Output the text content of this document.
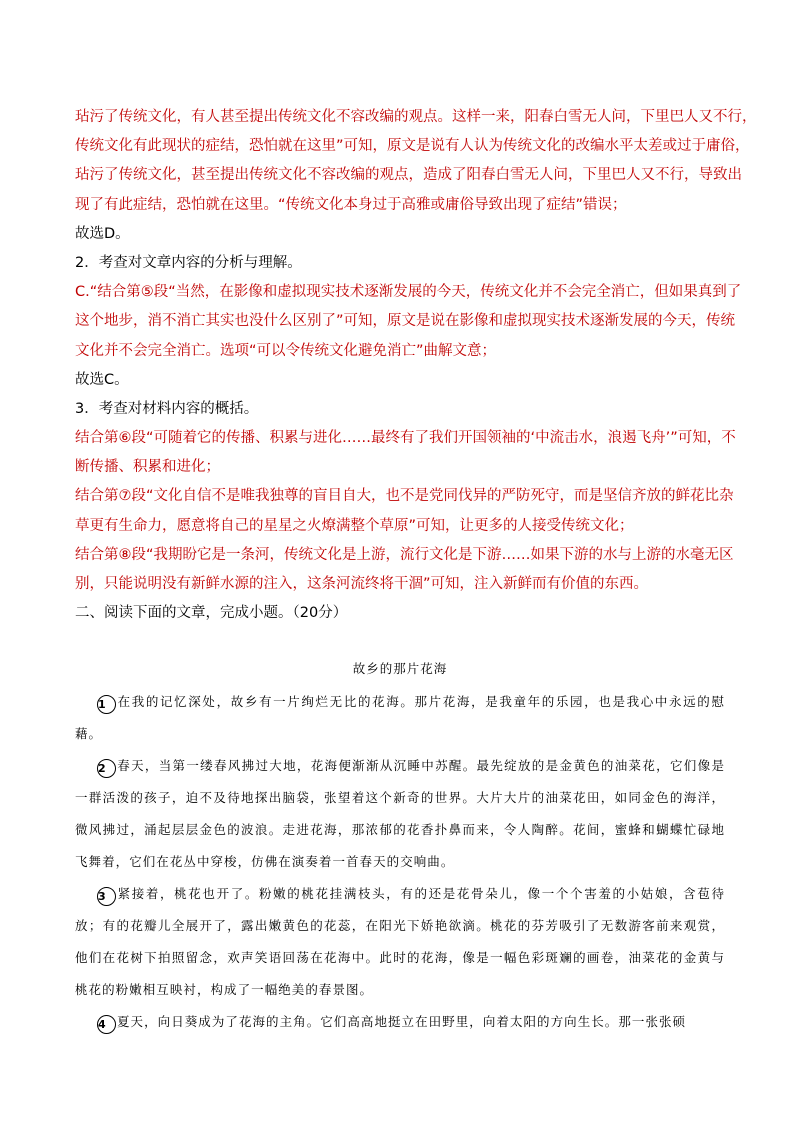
玷污了传统文化，有人甚至提出传统文化不容改编的观点。这样一来，阳春白雪无人问，下里巴人又不行，
传统文化有此现状的症结，恐怕就在这里”可知，原文是说有人认为传统文化的改编水平太差或过于庸俗，
玷污了传统文化，甚至提出传统文化不容改编的观点，造成了阳春白雪无人问，下里巴人又不行，导致出
现了有此症结，恐怕就在这里。“传统文化本身过于高雅或庸俗导致出现了症结”错误；
故选D。
2．考查对文章内容的分析与理解。
C.“结合第⑤段“当然，在影像和虚拟现实技术逐渐发展的今天，传统文化并不会完全消亡，但如果真到了
这个地步，消不消亡其实也没什么区别了”可知，原文是说在影像和虚拟现实技术逐渐发展的今天，传统
文化并不会完全消亡。选项“可以令传统文化避免消亡”曲解文意；
故选C。
3．考查对材料内容的概括。
结合第⑥段“可随着它的传播、积累与进化……最终有了我们开国领袖的‘中流击水，浪遏飞舟’”可知，不
断传播、积累和进化；
结合第⑦段“文化自信不是唯我独尊的盲目自大，也不是党同伐异的严防死守，而是坚信齐放的鲜花比杂
草更有生命力，愿意将自己的星星之火燎满整个草原”可知，让更多的人接受传统文化；
结合第⑧段“我期盼它是一条河，传统文化是上游，流行文化是下游……如果下游的水与上游的水毫无区
别，只能说明没有新鲜水源的注入，这条河流终将干涸”可知，注入新鲜而有价值的东西。
二、阅读下面的文章，完成小题。（20分）
故乡的那片花海
1 在我的记忆深处，故乡有一片绚烂无比的花海。那片花海，是我童年的乐园，也是我心中永远的慰藉。
2 春天，当第一缕春风拂过大地，花海便渐渐从沉睡中苏醒。最先绽放的是金黄色的油菜花，它们像是一群活泼的孩子，迫不及待地探出脑袋，张望着这个新奇的世界。大片大片的油菜花田，如同金色的海洋，微风拂过，涌起层层金色的波浪。走进花海，那浓郁的花香扑鼻而来，令人陶醉。花间，蜜蜂和蝴蝶忙碌地飞舞着，它们在花丛中穿梭，仿佛在演奏着一首春天的交响曲。
3 紧接着，桃花也开了。粉嫩的桃花挂满枝头，有的还是花骨朵儿，像一个个害羞的小姑娘，含苞待放；有的花瓣儿全展开了，露出嫩黄色的花蕊，在阳光下娇艳欲滴。桃花的芬芳吸引了无数游客前来观赏，他们在花树下拍照留念，欢声笑语回荡在花海中。此时的花海，像是一幅色彩斑斓的画卷，油菜花的金黄与桃花的粉嫩相互映衬，构成了一幅绝美的春景图。
4 夏天，向日葵成为了花海的主角。它们高高地挺立在田野里，向着太阳的方向生长。那一张张硕
